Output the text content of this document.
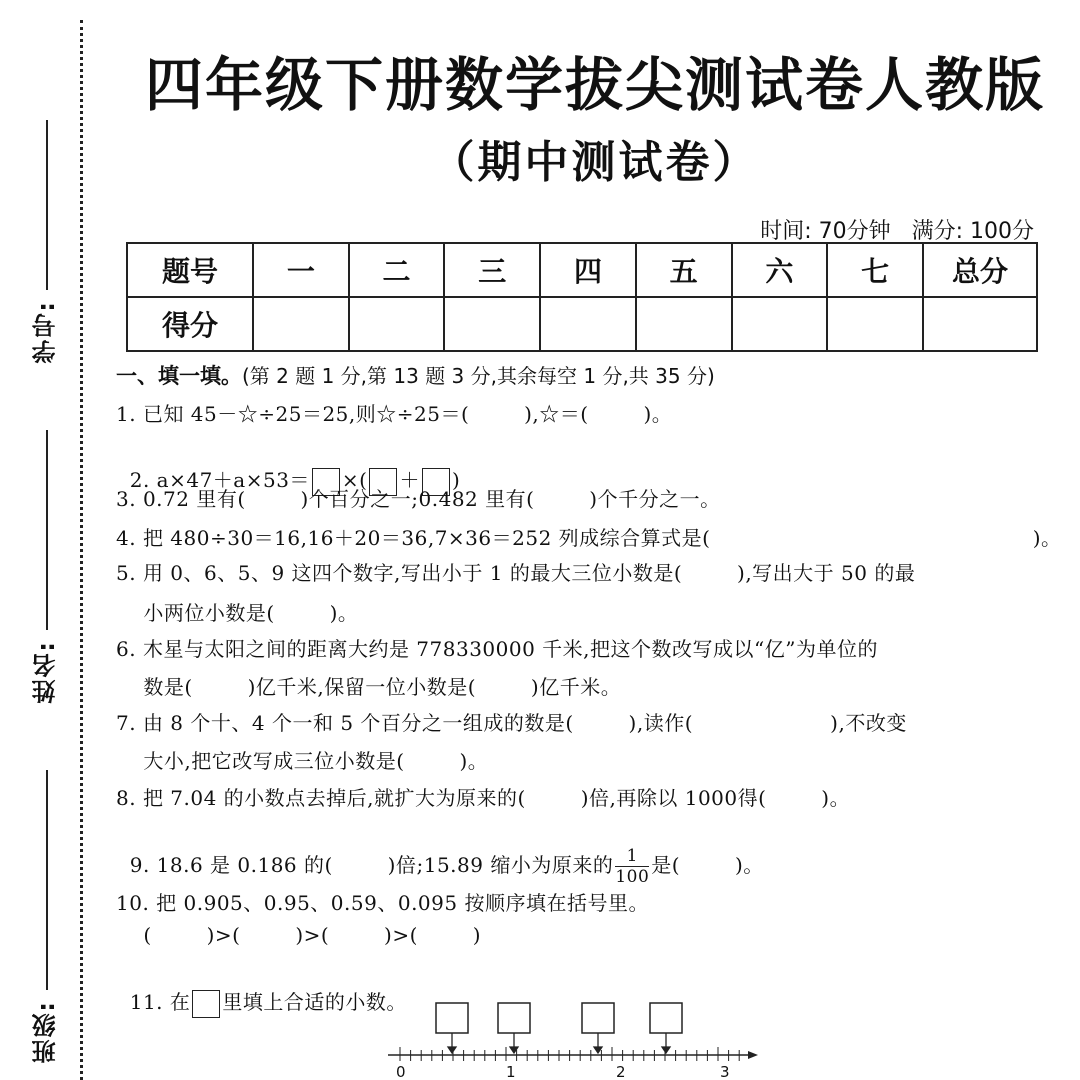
学号:
姓名:
班级:
四年级下册数学拔尖测试卷人教版
（期中测试卷）
时间: 70分钟 满分: 100分
题号	一	二	三	四	五	六	七	总分
得分								
一、填一填。(第 2 题 1 分,第 13 题 3 分,其余每空 1 分,共 35 分)
1. 已知 45－☆÷25＝25,则☆÷25＝(        ),☆＝(        )。

2. a×47＋a×53＝ ×( ＋ )

3. 0.72 里有(        )个百分之一;0.482 里有(        )个千分之一。
4. 把 480÷30＝16,16＋20＝36,7×36＝252 列成综合算式是(                                               )。
5. 用 0、6、5、9 这四个数字,写出小于 1 的最大三位小数是(        ),写出大于 50 的最
小两位小数是(        )。
6. 木星与太阳之间的距离大约是 778330000 千米,把这个数改写成以“亿”为单位的
数是(        )亿千米,保留一位小数是(        )亿千米。
7. 由 8 个十、4 个一和 5 个百分之一组成的数是(        ),读作(                    ),不改变
大小,把它改写成三位小数是(        )。
8. 把 7.04 的小数点去掉后,就扩大为原来的(        )倍,再除以 1000得(        )。

9. 18.6 是 0.186 的(        )倍;15.89 缩小为原来的 $\frac{1}{100}$ 是(        )。

10. 把 0.905、0.95、0.59、0.095 按顺序填在括号里。
(        )>(        )>(        )>(        )

11. 在 里填上合适的小数。

0	1	2	3
